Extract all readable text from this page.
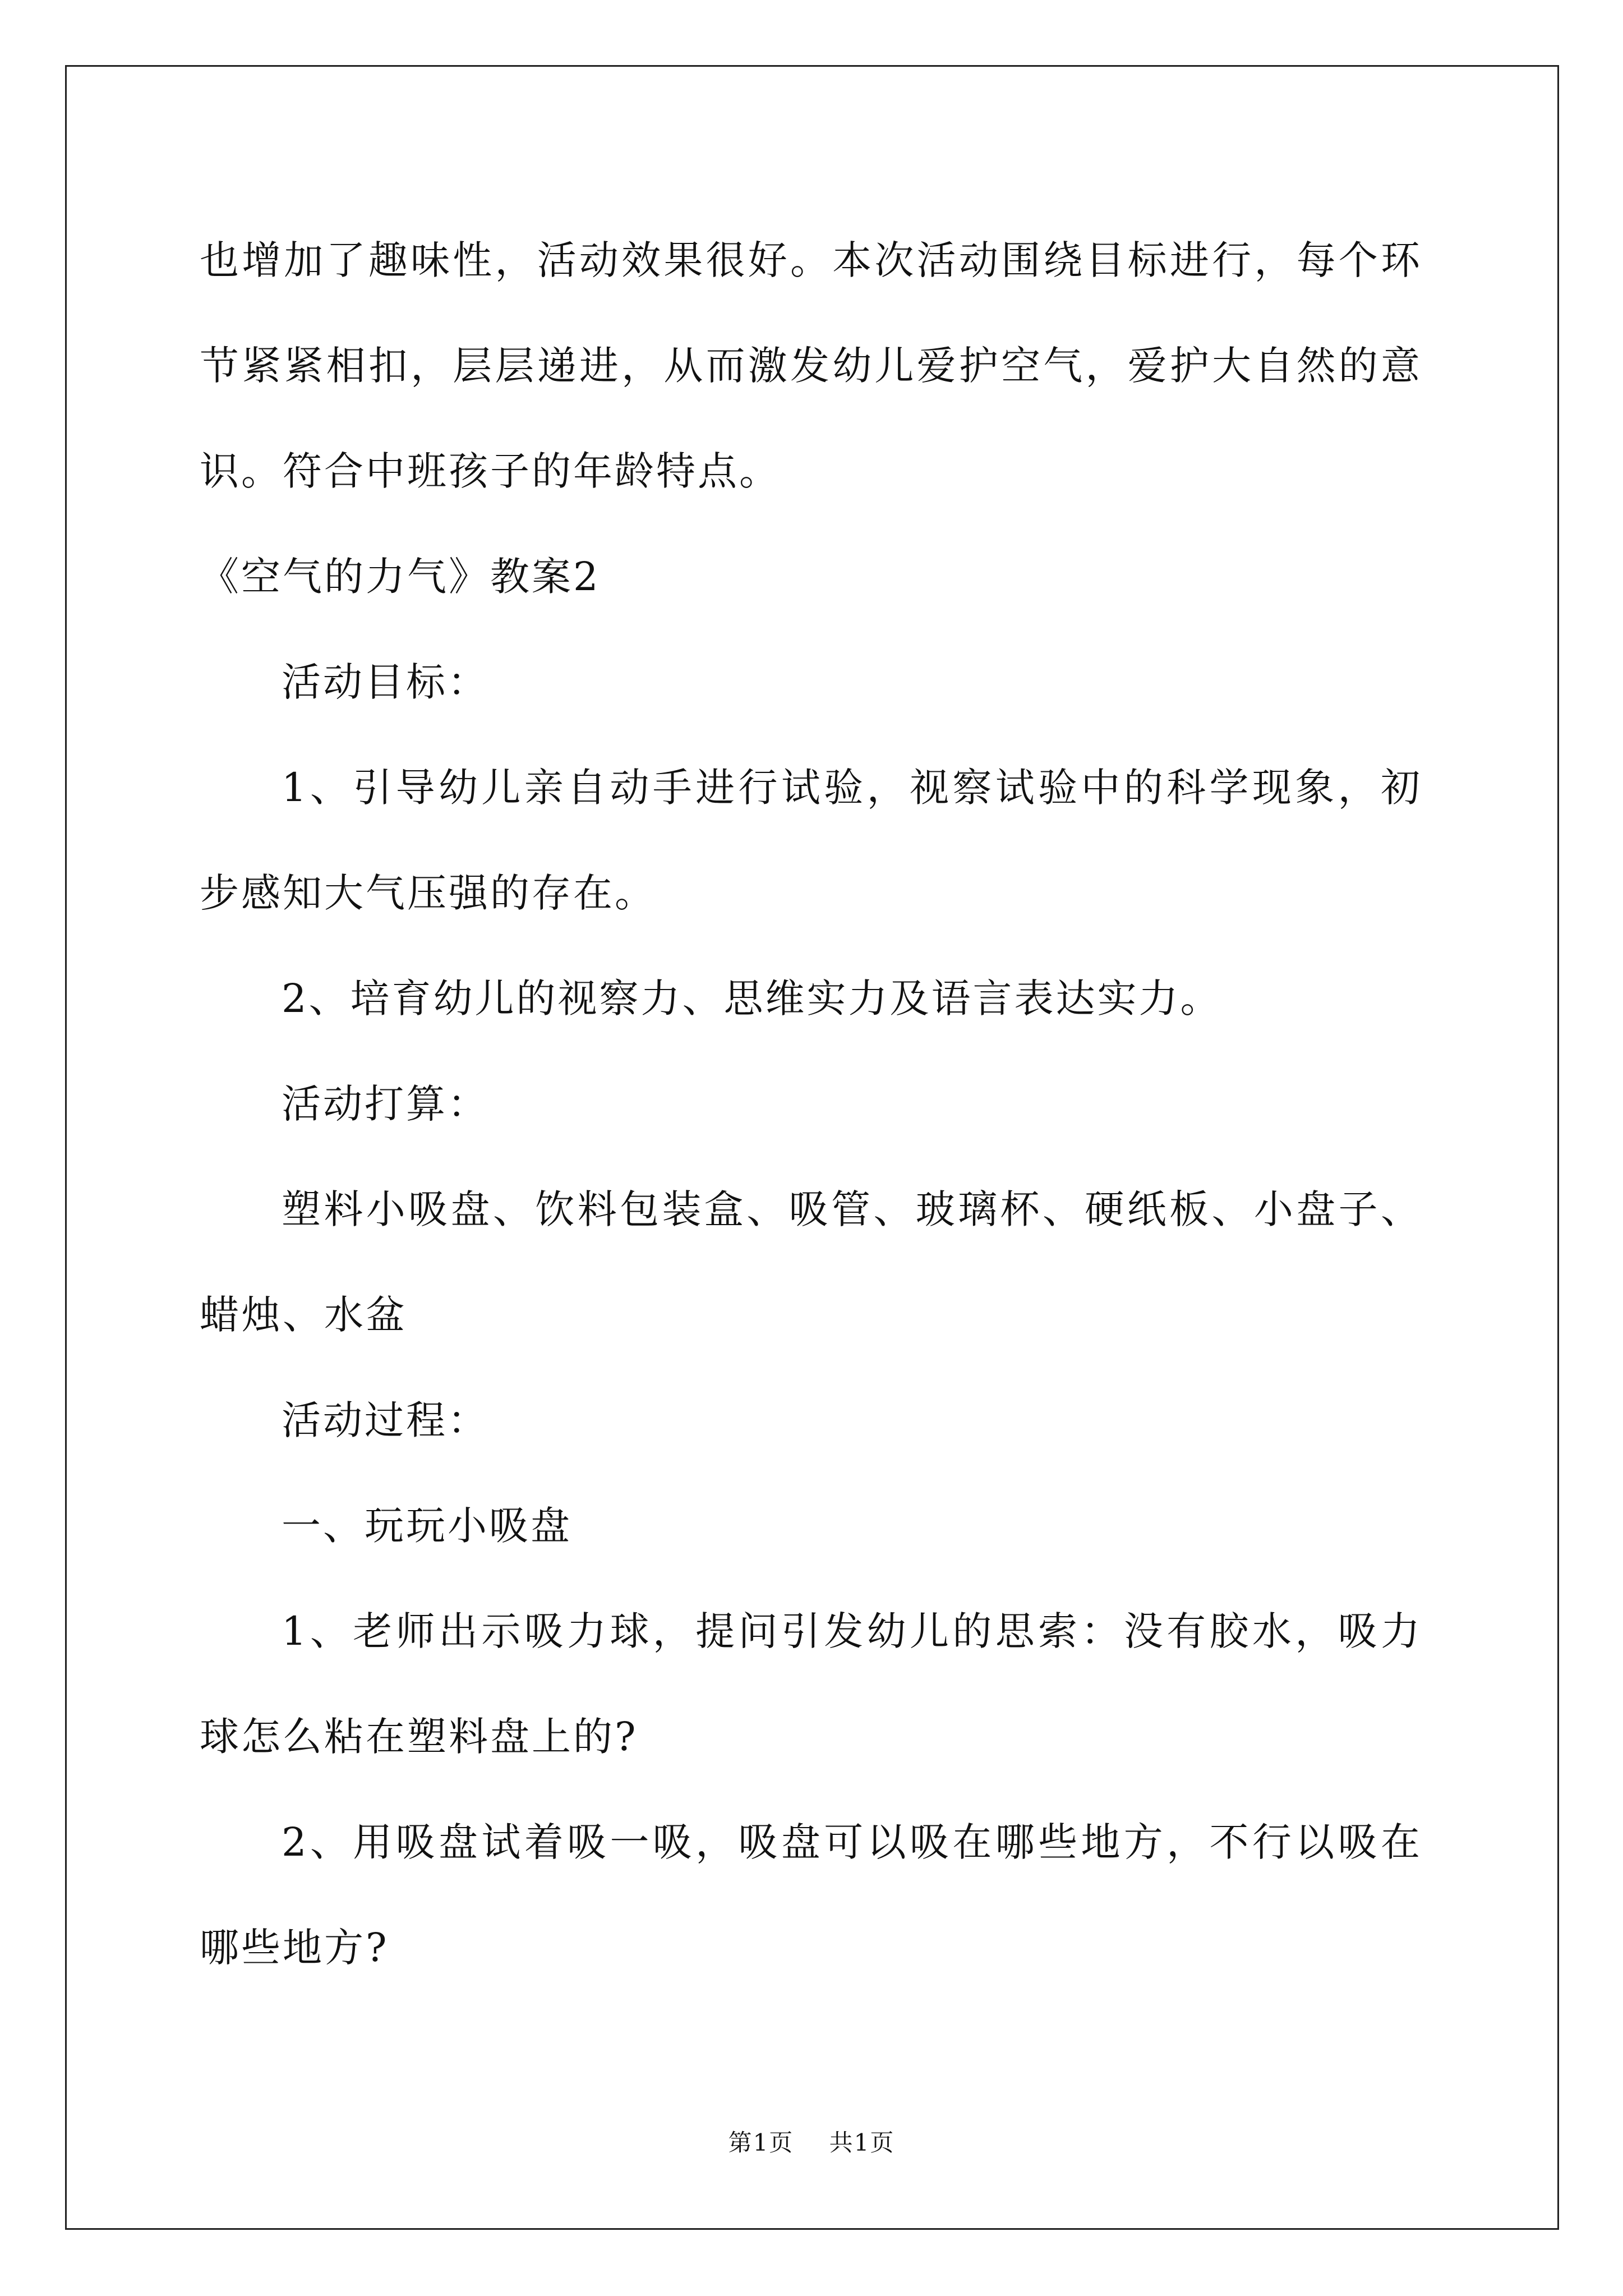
也增加了趣味性，活动效果很好。本次活动围绕目标进行，每个环节紧紧相扣，层层递进，从而激发幼儿爱护空气，爱护大自然的意识。符合中班孩子的年龄特点。

《空气的力气》教案2

活动目标：

1、引导幼儿亲自动手进行试验，视察试验中的科学现象，初步感知大气压强的存在。

2、培育幼儿的视察力、思维实力及语言表达实力。

活动打算：

塑料小吸盘、饮料包装盒、吸管、玻璃杯、硬纸板、小盘子、蜡烛、水盆

活动过程：

一、玩玩小吸盘

1、老师出示吸力球，提问引发幼儿的思索：没有胶水，吸力球怎么粘在塑料盘上的?

2、用吸盘试着吸一吸，吸盘可以吸在哪些地方，不行以吸在哪些地方?

第1页 共1页
